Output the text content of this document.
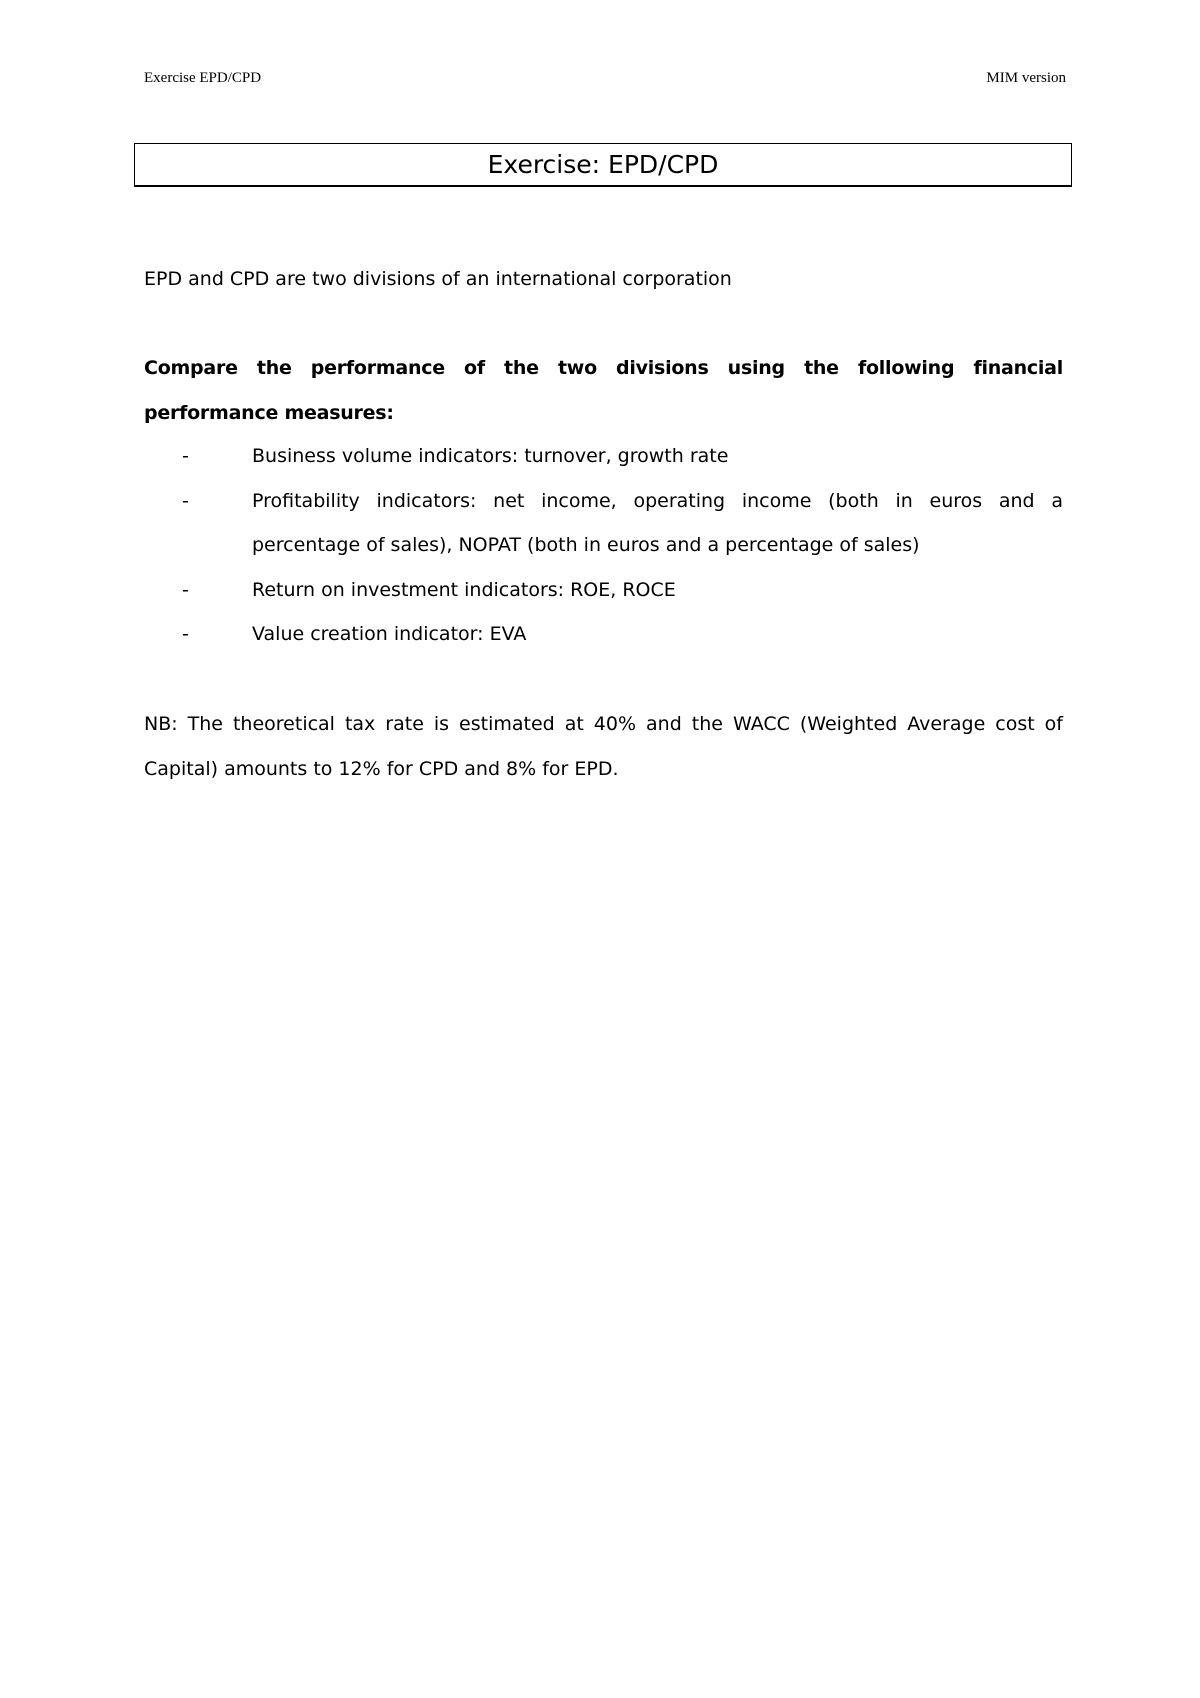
Exercise EPD/CPD	MIM version
Exercise: EPD/CPD
EPD and CPD are two divisions of an international corporation
Compare the performance of the two divisions using the following financial performance measures:
-	Business volume indicators: turnover, growth rate
-	Profitability indicators: net income, operating income (both in euros and a percentage of sales), NOPAT (both in euros and a percentage of sales)
-	Return on investment indicators: ROE, ROCE
-	Value creation indicator: EVA
NB: The theoretical tax rate is estimated at 40% and the WACC (Weighted Average cost of Capital) amounts to 12% for CPD and 8% for EPD.
